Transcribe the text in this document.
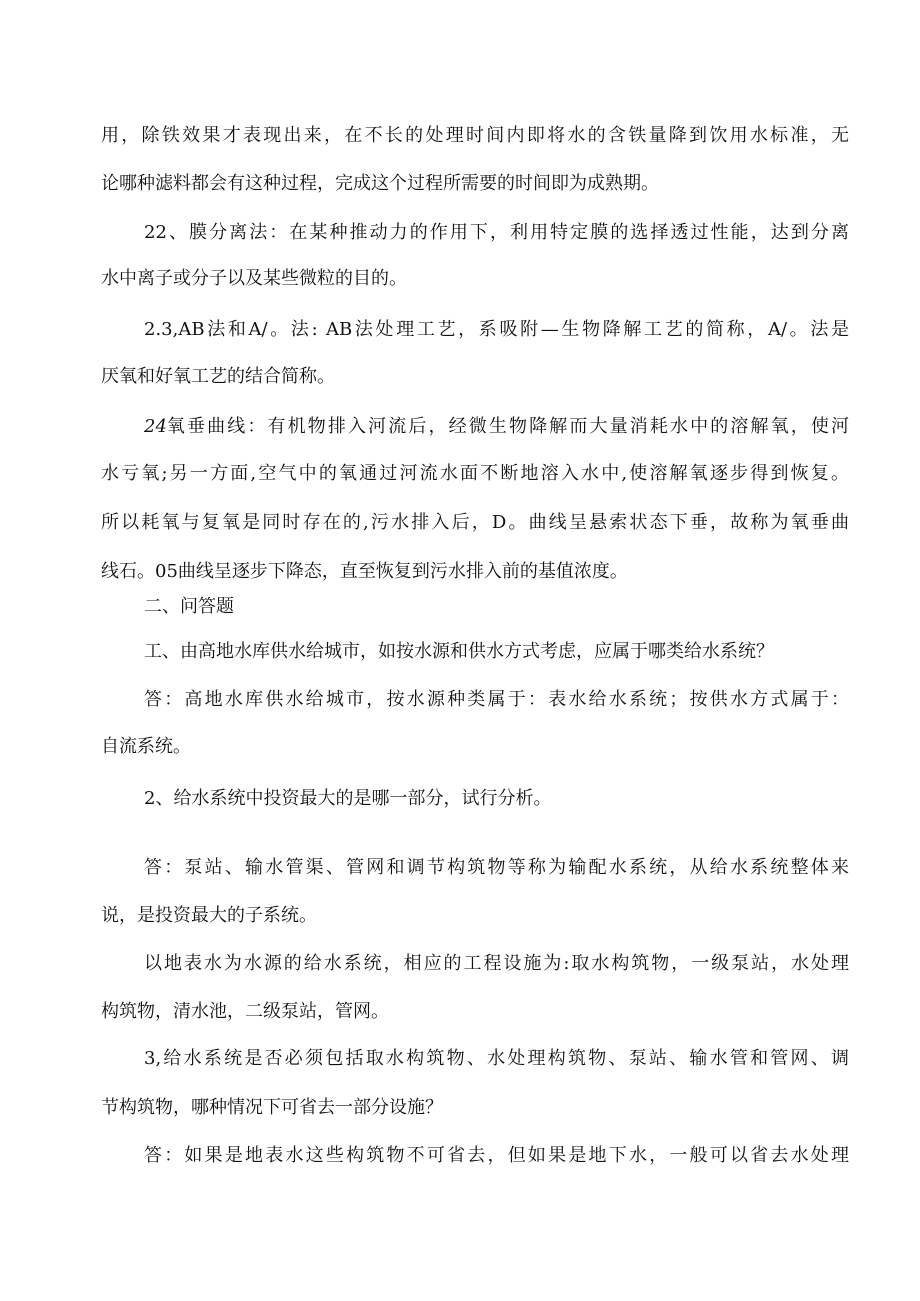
用，除铁效果才表现出来，在不长的处理时间内即将水的含铁量降到饮用水标准，无
论哪种滤料都会有这种过程，完成这个过程所需要的时间即为成熟期。
22、膜分离法：在某种推动力的作用下，利用特定膜的选择透过性能，达到分离
水中离子或分子以及某些微粒的目的。
2.3,AB法和A/。法: AB法处理工艺，系吸附—生物降解工艺的简称，A/。法是
厌氧和好氧工艺的结合简称。
24 氧垂曲线：有机物排入河流后，经微生物降解而大量消耗水中的溶解氧，使河
水亏氧;另一方面,空气中的氧通过河流水面不断地溶入水中,使溶解氧逐步得到恢复。
所以耗氧与复氧是同时存在的,污水排入后，D。曲线呈悬索状态下垂，故称为氧垂曲
线石。05曲线呈逐步下降态，直至恢复到污水排入前的基值浓度。
二、问答题
工、由高地水库供水给城市，如按水源和供水方式考虑，应属于哪类给水系统？
答：高地水库供水给城市，按水源种类属于：表水给水系统；按供水方式属于：
自流系统。
2、给水系统中投资最大的是哪一部分，试行分析。
答：泵站、输水管渠、管网和调节构筑物等称为输配水系统，从给水系统整体来
说，是投资最大的子系统。
以地表水为水源的给水系统，相应的工程设施为:取水构筑物，一级泵站，水处理
构筑物，清水池，二级泵站，管网。
3,给水系统是否必须包括取水构筑物、水处理构筑物、泵站、输水管和管网、调
节构筑物，哪种情况下可省去一部分设施？
答：如果是地表水这些构筑物不可省去，但如果是地下水，一般可以省去水处理
